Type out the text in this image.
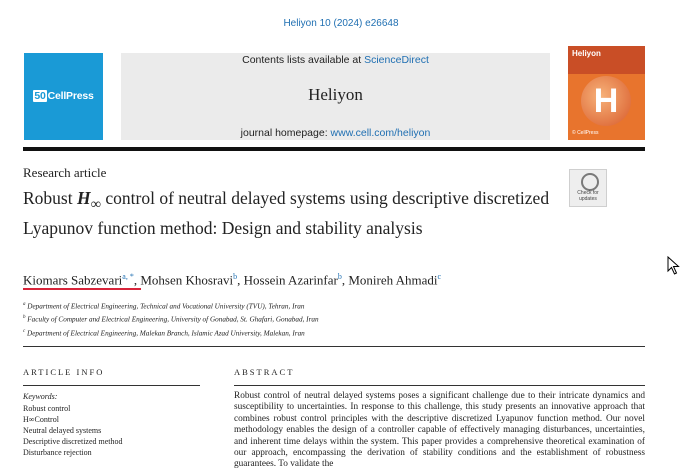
Heliyon 10 (2024) e26648
50 CellPress
Contents lists available at ScienceDirect
Heliyon
journal homepage: www.cell.com/heliyon
Heliyon
H
© CellPress
Research article
Robust $H_\infty$ control of neutral delayed systems using descriptive discretized Lyapunov function method: Design and stability analysis
Check for updates
Kiomars Sabzevari$^{a, *}$, Mohsen Khosravi$^b$, Hossein Azarinfar$^b$, Monireh Ahmadi$^c$
$^a$ Department of Electrical Engineering, Technical and Vocational University (TVU), Tehran, Iran
$^b$ Faculty of Computer and Electrical Engineering, University of Gonabad, St. Ghafari, Gonabad, Iran
$^c$ Department of Electrical Engineering, Malekan Branch, Islamic Azad University, Malekan, Iran
ARTICLE INFO	ABSTRACT
Keywords:
Robust control
H∞Control
Neutral delayed systems
Descriptive discretized method
Disturbance rejection
Robust control of neutral delayed systems poses a significant challenge due to their intricate dynamics and susceptibility to uncertainties. In response to this challenge, this study presents an innovative approach that combines robust control principles with the descriptive discretized Lyapunov function method. Our novel methodology enables the design of a controller capable of effectively managing disturbances, uncertainties, and inherent time delays within the system. This paper provides a comprehensive theoretical examination of our approach, encompassing the derivation of stability conditions and the establishment of robustness guarantees. To validate the
